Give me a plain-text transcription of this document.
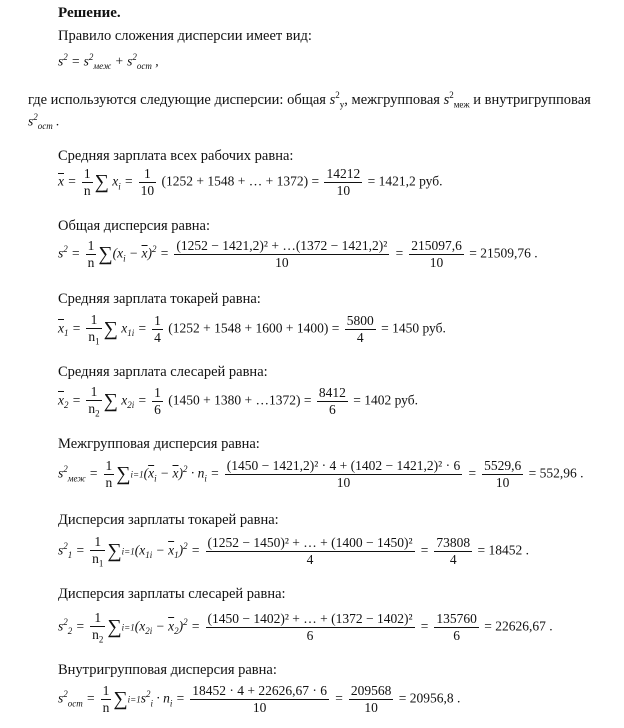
Решение.
Правило сложения дисперсии имеет вид:
$s^2 = s^2_{меж} + s^2_{ост}$ ,
где используются следующие дисперсии: общая $s^2_y$, межгрупповая $s^2_{меж}$ и внутригрупповая
$s^2_{ост}$ .
Средняя зарплата всех рабочих равна:
$\overline{x} = \frac{1}{n}$ ∑ $x_i = \frac{1}{10} (1252 + 1548$ + … + $1372) = \frac{14212}{10} = 1421,2$ руб.
Общая дисперсия равна:
$s^2 = \frac{1}{n} \sum(x_i - \overline{x})^2 = \frac{\text{(1252 − 1421,2)² + …(1372 − 1421,2)²}}{10} = \frac{215097,6}{10} = 21509,76$ .
Средняя зарплата токарей равна:
$\overline{x}_1 = \frac{1}{n_1}$ ∑ $x_{1i} = \frac{1}{4} (1252 + 1548 + 1600 + 1400) = \frac{5800}{4} = 1450$ руб.
Средняя зарплата слесарей равна:
$\overline{x}_2 = \frac{1}{n_2}$ ∑ $x_{2i} = \frac{1}{6} (1450 + 1380$ + …1372) = $\frac{8412}{6} = 1402$ руб.
Межгрупповая дисперсия равна:
$s^2_{меж} = \frac{1}{n} \sum i=1(\overline{x}_i - \overline{x})^2 \cdot n_i = \frac{\text{(1450 − 1421,2)² · 4 + (1402 − 1421,2)² · 6}}{10} = \frac{5529,6}{10} = 552,96$ .
Дисперсия зарплаты токарей равна:
$s^2_1 = \frac{1}{n_1} \sum i=1(x_{1i} - \overline{x}_1)^2 = \frac{\text{(1252 − 1450)² + … + (1400 − 1450)²}}{4} = \frac{73808}{4} = 18452$ .
Дисперсия зарплаты слесарей равна:
$s^2_2 = \frac{1}{n_2} \sum i=1(x_{2i} - \overline{x}_2)^2 = \frac{\text{(1450 − 1402)² + … + (1372 − 1402)²}}{6} = \frac{135760}{6} = 22626,67$ .
Внутригрупповая дисперсия равна:
$s^2_{ост} = \frac{1}{n} \sum i=1s^2_i \cdot n_i = \frac{18452 \cdot 4 + 22626,67 \cdot 6}{10} = \frac{209568}{10} = 20956,8$ .
